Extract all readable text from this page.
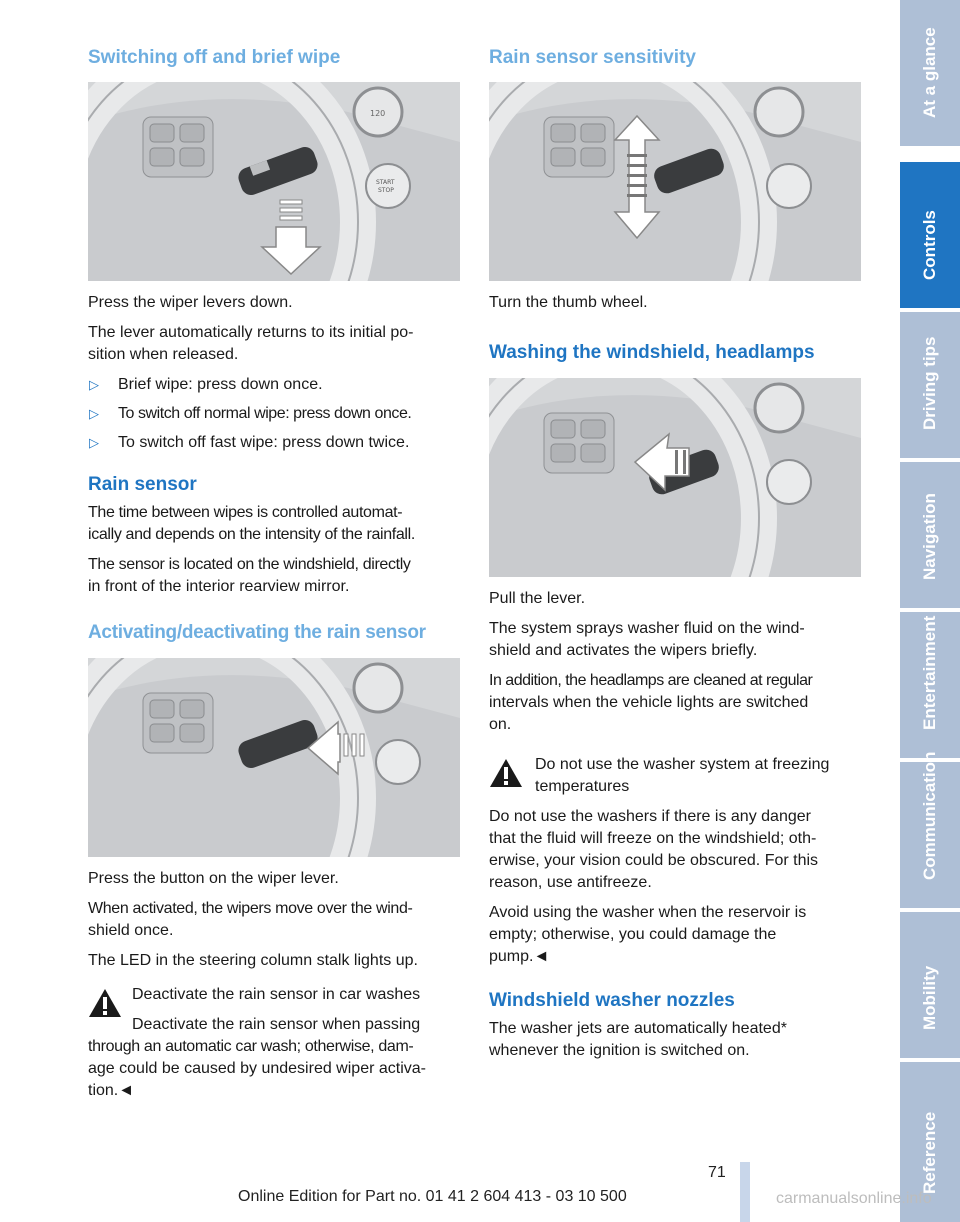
Switching off and brief wipe
120
START
STOP

Press the wiper levers down.

The lever automatically returns to its initial po-

sition when released.

▷ Brief wipe: press down once.
▷ To switch off normal wipe: press down once.
▷ To switch off fast wipe: press down twice.
Rain sensor

The time between wipes is controlled automat-

ically and depends on the intensity of the rainfall.

The sensor is located on the windshield, directly

in front of the interior rearview mirror.

Activating/deactivating the rain sensor

Press the button on the wiper lever.

When activated, the wipers move over the wind-

shield once.

The LED in the steering column stalk lights up.

Deactivate the rain sensor in car washes

Deactivate the rain sensor when passing

through an automatic car wash; otherwise, dam-

age could be caused by undesired wiper activa-

tion.◄

Rain sensor sensitivity

Turn the thumb wheel.

Washing the windshield, headlamps

Pull the lever.

The system sprays washer fluid on the wind-

shield and activates the wipers briefly.

In addition, the headlamps are cleaned at regular

intervals when the vehicle lights are switched

on.

Do not use the washer system at freezing

temperatures

Do not use the washers if there is any danger

that the fluid will freeze on the windshield; oth-

erwise, your vision could be obscured. For this

reason, use antifreeze.

Avoid using the washer when the reservoir is

empty; otherwise, you could damage the

pump.◄

Windshield washer nozzles

The washer jets are automatically heated*

whenever the ignition is switched on.

At a glance
Controls
Driving tips
Navigation
Entertainment
Communication
Mobility
Reference
71
Online Edition for Part no. 01 41 2 604 413 - 03 10 500	carmanualsonline.info
